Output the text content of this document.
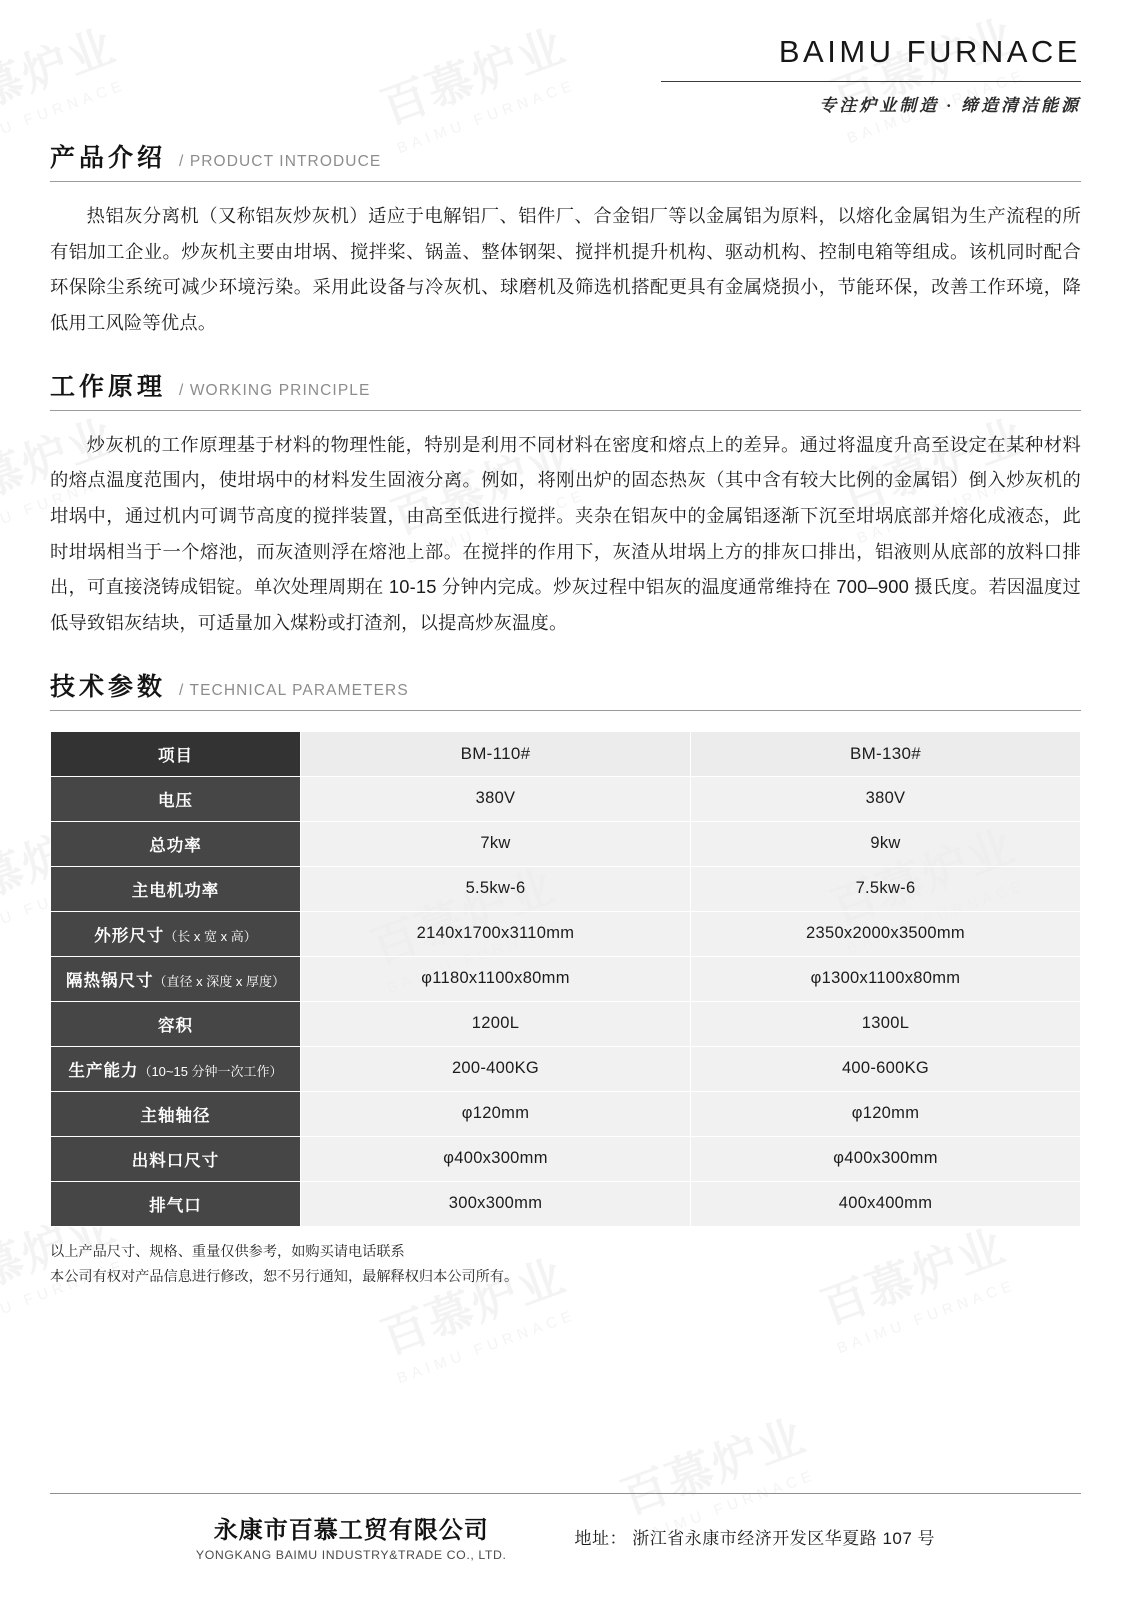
BAIMU FURNACE
专注炉业制造 · 缔造清洁能源
产品介绍 / PRODUCT INTRODUCE

热铝灰分离机（又称铝灰炒灰机）适应于电解铝厂、铝件厂、合金铝厂等以金属铝为原料，以熔化金属铝为生产流程的所有铝加工企业。炒灰机主要由坩埚、搅拌桨、锅盖、整体钢架、搅拌机提升机构、驱动机构、控制电箱等组成。该机同时配合环保除尘系统可减少环境污染。采用此设备与冷灰机、球磨机及筛选机搭配更具有金属烧损小，节能环保，改善工作环境，降低用工风险等优点。

工作原理 / WORKING PRINCIPLE

炒灰机的工作原理基于材料的物理性能，特别是利用不同材料在密度和熔点上的差异。通过将温度升高至设定在某种材料的熔点温度范围内，使坩埚中的材料发生固液分离。例如，将刚出炉的固态热灰（其中含有较大比例的金属铝）倒入炒灰机的坩埚中，通过机内可调节高度的搅拌装置，由高至低进行搅拌。夹杂在铝灰中的金属铝逐渐下沉至坩埚底部并熔化成液态，此时坩埚相当于一个熔池，而灰渣则浮在熔池上部。在搅拌的作用下，灰渣从坩埚上方的排灰口排出，铝液则从底部的放料口排出，可直接浇铸成铝锭。单次处理周期在 10-15 分钟内完成。炒灰过程中铝灰的温度通常维持在 700–900 摄氏度。若因温度过低导致铝灰结块，可适量加入煤粉或打渣剂，以提高炒灰温度。

技术参数 / TECHNICAL PARAMETERS
项目	BM-110#	BM-130#
电压	380V	380V
总功率	7kw	9kw
主电机功率	5.5kw-6	7.5kw-6
外形尺寸（长 x 宽 x 高）	2140x1700x3110mm	2350x2000x3500mm
隔热锅尺寸（直径 x 深度 x 厚度）	φ1180x1100x80mm	φ1300x1100x80mm
容积	1200L	1300L
生产能力（10~15 分钟一次工作）	200-400KG	400-600KG
主轴轴径	φ120mm	φ120mm
出料口尺寸	φ400x300mm	φ400x300mm
排气口	300x300mm	400x400mm
以上产品尺寸、规格、重量仅供参考，如购买请电话联系
本公司有权对产品信息进行修改，恕不另行通知，最解释权归本公司所有。
永康市百慕工贸有限公司
YONGKANG BAIMU INDUSTRY&TRADE CO., LTD.
地址： 浙江省永康市经济开发区华夏路 107 号
